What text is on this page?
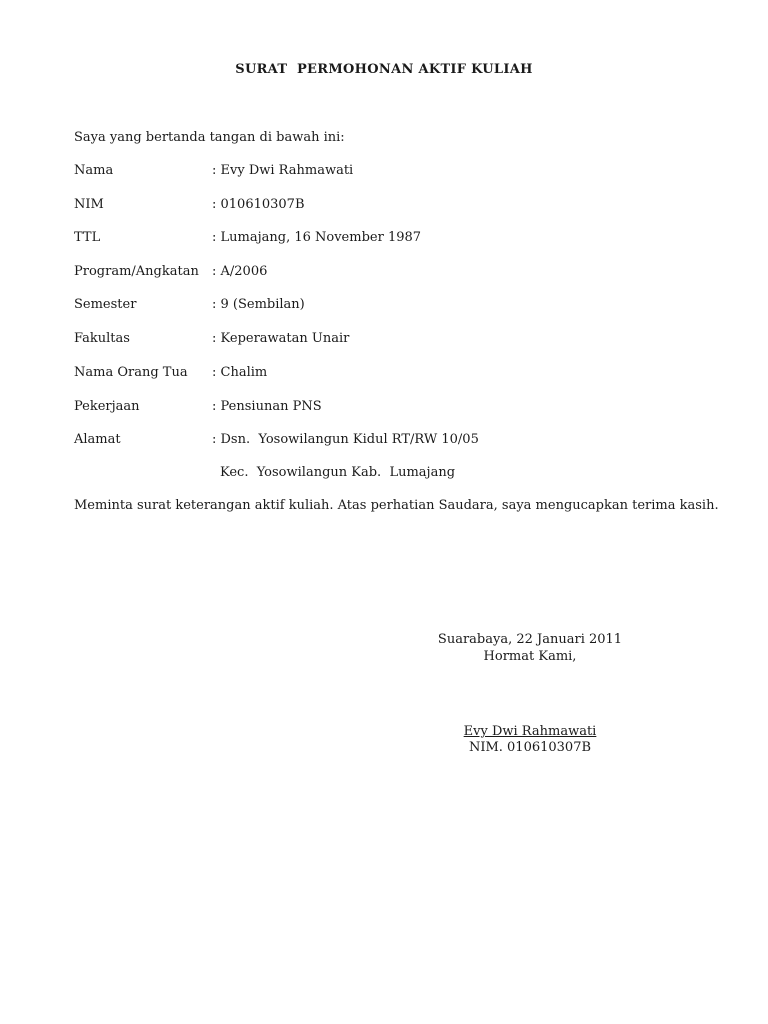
SURAT  PERMOHONAN AKTIF KULIAH
Saya yang bertanda tangan di bawah ini:
Nama	: Evy Dwi Rahmawati
NIM	: 010610307B
TTL	: Lumajang, 16 November 1987
Program/Angkatan : A/2006
Semester	: 9 (Sembilan)
Fakultas	: Keperawatan Unair
Nama Orang Tua : Chalim
Pekerjaan	: Pensiunan PNS
Alamat	: Dsn.  Yosowilangun Kidul RT/RW 10/05
Kec.  Yosowilangun Kab.  Lumajang
Meminta surat keterangan aktif kuliah. Atas perhatian Saudara, saya mengucapkan terima kasih.
Suarabaya, 22 Januari 2011
Hormat Kami,
Evy Dwi Rahmawati
NIM. 010610307B
